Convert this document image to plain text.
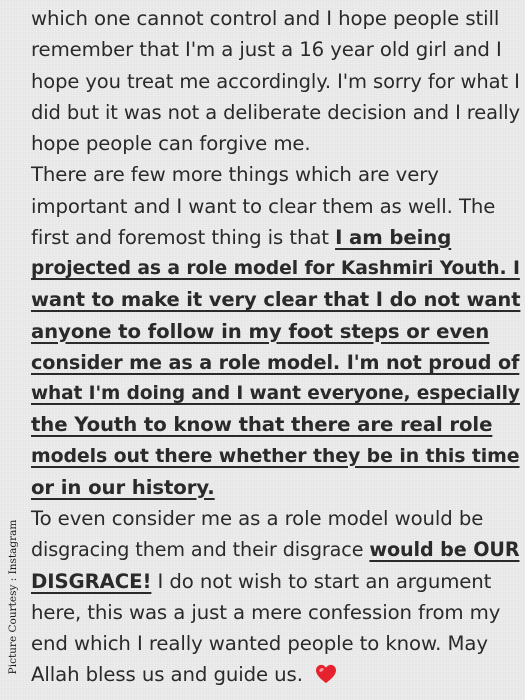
which one cannot control and I hope people still
remember that I'm a just a 16 year old girl and I
hope you treat me accordingly. I'm sorry for what I
did but it was not a deliberate decision and I really
hope people can forgive me.
There are few more things which are very
important and I want to clear them as well. The
first and foremost thing is that I am being
projected as a role model for Kashmiri Youth. I
want to make it very clear that I do not want
anyone to follow in my foot steps or even
consider me as a role model. I'm not proud of
what I'm doing and I want everyone, especially
the Youth to know that there are real role
models out there whether they be in this time
or in our history.
To even consider me as a role model would be
disgracing them and their disgrace would be OUR
DISGRACE! I do not wish to start an argument
here, this was a just a mere confession from my
end which I really wanted people to know. May
Allah bless us and guide us.
Picture Courtesy : Instagram
